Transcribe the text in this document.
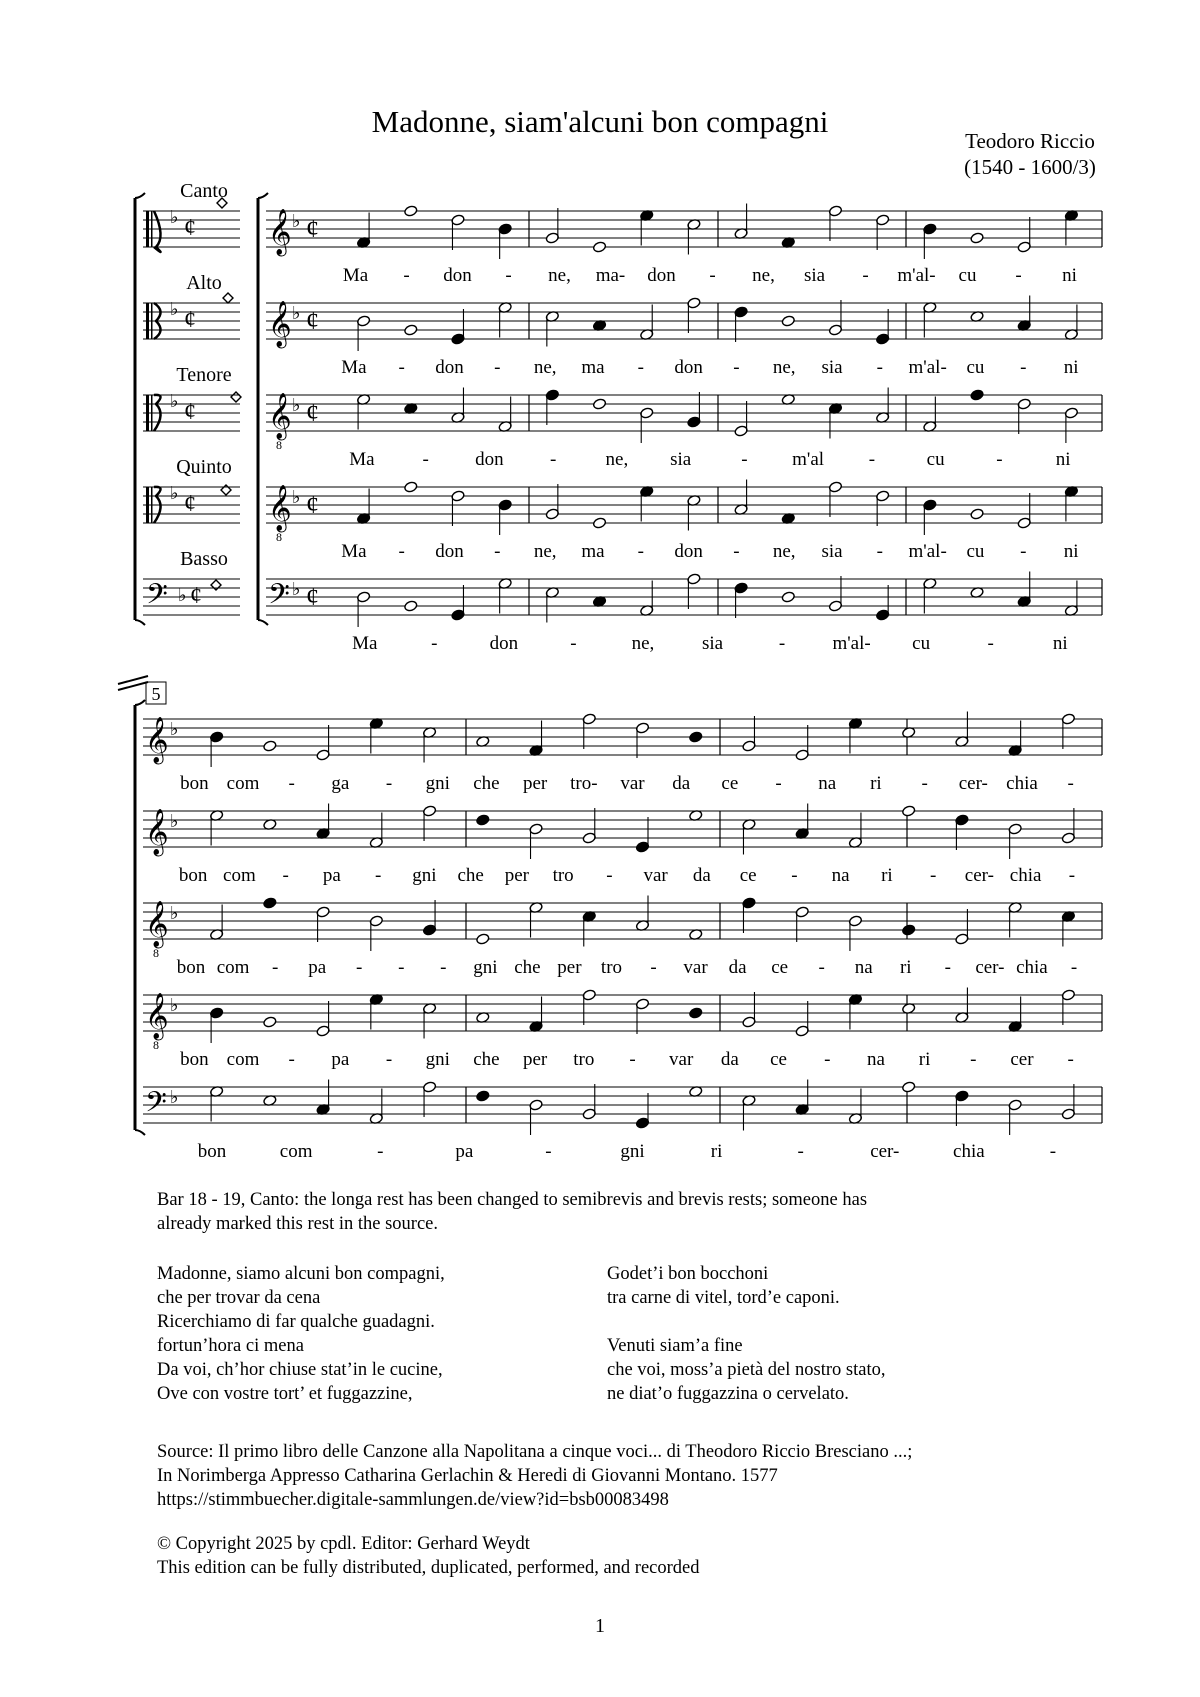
Madonne, siam'alcuni bon compagni
Teodoro Riccio
(1540 - 1600/3)
Canto
Alto
Tenore
Quinto
Basso
♭ ¢
♭ ¢
♭ ¢
♭ ¢
𝄢 ♭ ¢
𝄞 ♭ ¢
𝄞 ♭ ¢
𝄞
8
♭ ¢
𝄞
8
♭ ¢
𝄢 ♭ ¢
5
𝄞 ♭
𝄞 ♭
𝄞
8
♭
𝄞
8
♭
𝄢 ♭
Ma - don - ne, ma- don - ne, sia - m'al- cu - ni
Ma - don - ne, ma - don - ne, sia - m'al- cu - ni
Ma	- don -	ne, sia	- m'al -	cu	-	ni
Ma - don - ne, ma - don - ne, sia - m'al- cu - ni
Ma	-	don	-	ne,	sia	- m'al- cu	-	ni
bon com - ga - gni che per tro- var da ce - na ri - cer- chia -
bon com - pa - gni che per tro - var da ce - na ri - cer- chia -
bon com - pa - - - gni che per tro - var da ce - na ri - cer- chia -
bon com - pa - gni che per tro - var da ce - na ri - cer -
bon	com	-	pa	-	gni	ri	-	cer-	chia	-
Bar 18 - 19, Canto: the longa rest has been changed to semibrevis and brevis rests; someone has
already marked this rest in the source.
Madonne, siamo alcuni bon compagni,
che per trovar da cena
Ricerchiamo di far qualche guadagni.
fortun’hora ci mena
Da voi, ch’hor chiuse stat’in le cucine,
Ove con vostre tort’ et fuggazzine,
Godet’i bon bocchoni
tra carne di vitel, tord’e caponi.
Venuti siam’a fine
che voi, moss’a pietà del nostro stato,
ne diat’o fuggazzina o cervelato.
Source: Il primo libro delle Canzone alla Napolitana a cinque voci... di Theodoro Riccio Bresciano ...;
In Norimberga Appresso Catharina Gerlachin & Heredi di Giovanni Montano. 1577
https://stimmbuecher.digitale-sammlungen.de/view?id=bsb00083498
© Copyright 2025 by cpdl. Editor: Gerhard Weydt
This edition can be fully distributed, duplicated, performed, and recorded
1
